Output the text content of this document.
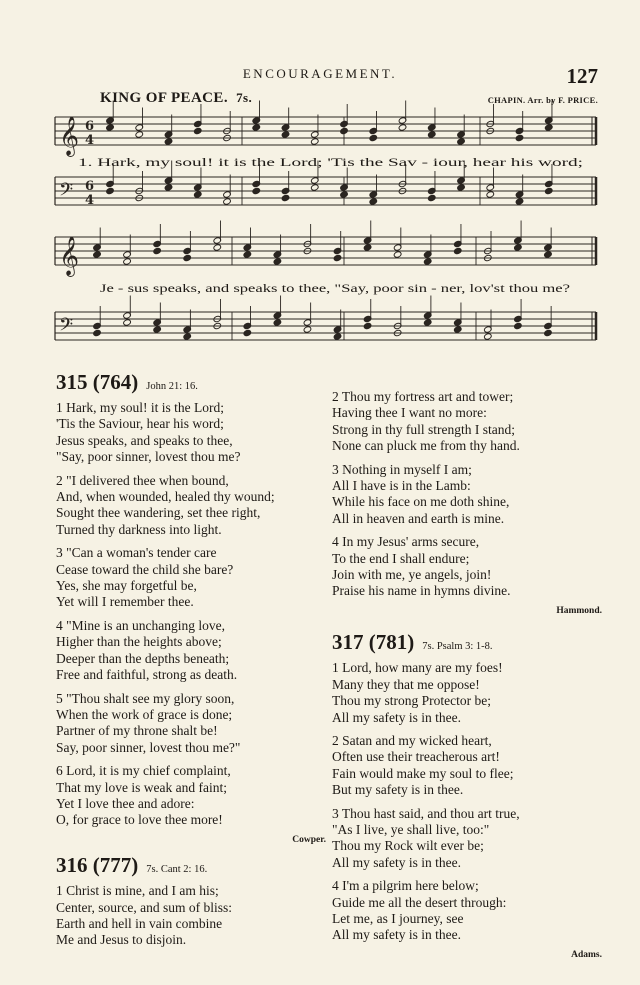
ENCOURAGEMENT.	127
KING OF PEACE. 7s.	CHAPIN. Arr. by F. PRICE.
𝄞 6
4
𝄢 6
4
𝄞
𝄢
1. Hark, my soul! it is the Lord; 'Tis the Sav - iour, hear his word;
Je - sus speaks, and speaks to thee, "Say, poor sin - ner, lov'st thou me?
315 (764) John 21: 16.
1 Hark, my soul! it is the Lord;
'Tis the Saviour, hear his word;
Jesus speaks, and speaks to thee,
"Say, poor sinner, lovest thou me?
2 "I delivered thee when bound,
And, when wounded, healed thy wound;
Sought thee wandering, set thee right,
Turned thy darkness into light.
3 "Can a woman's tender care
Cease toward the child she bare?
Yes, she may forgetful be,
Yet will I remember thee.
4 "Mine is an unchanging love,
Higher than the heights above;
Deeper than the depths beneath;
Free and faithful, strong as death.
5 "Thou shalt see my glory soon,
When the work of grace is done;
Partner of my throne shalt be!
Say, poor sinner, lovest thou me?"
6 Lord, it is my chief complaint,
That my love is weak and faint;
Yet I love thee and adore:
O, for grace to love thee more!
Cowper.
316 (777) 7s. Cant 2: 16.
1 Christ is mine, and I am his;
Center, source, and sum of bliss:
Earth and hell in vain combine
Me and Jesus to disjoin.
2 Thou my fortress art and tower;
Having thee I want no more:
Strong in thy full strength I stand;
None can pluck me from thy hand.
3 Nothing in myself I am;
All I have is in the Lamb:
While his face on me doth shine,
All in heaven and earth is mine.
4 In my Jesus' arms secure,
To the end I shall endure;
Join with me, ye angels, join!
Praise his name in hymns divine.
Hammond.
317 (781) 7s. Psalm 3: 1-8.
1 Lord, how many are my foes!
Many they that me oppose!
Thou my strong Protector be;
All my safety is in thee.
2 Satan and my wicked heart,
Often use their treacherous art!
Fain would make my soul to flee;
But my safety is in thee.
3 Thou hast said, and thou art true,
"As I live, ye shall live, too:"
Thou my Rock wilt ever be;
All my safety is in thee.
4 I'm a pilgrim here below;
Guide me all the desert through:
Let me, as I journey, see
All my safety is in thee.
Adams.
